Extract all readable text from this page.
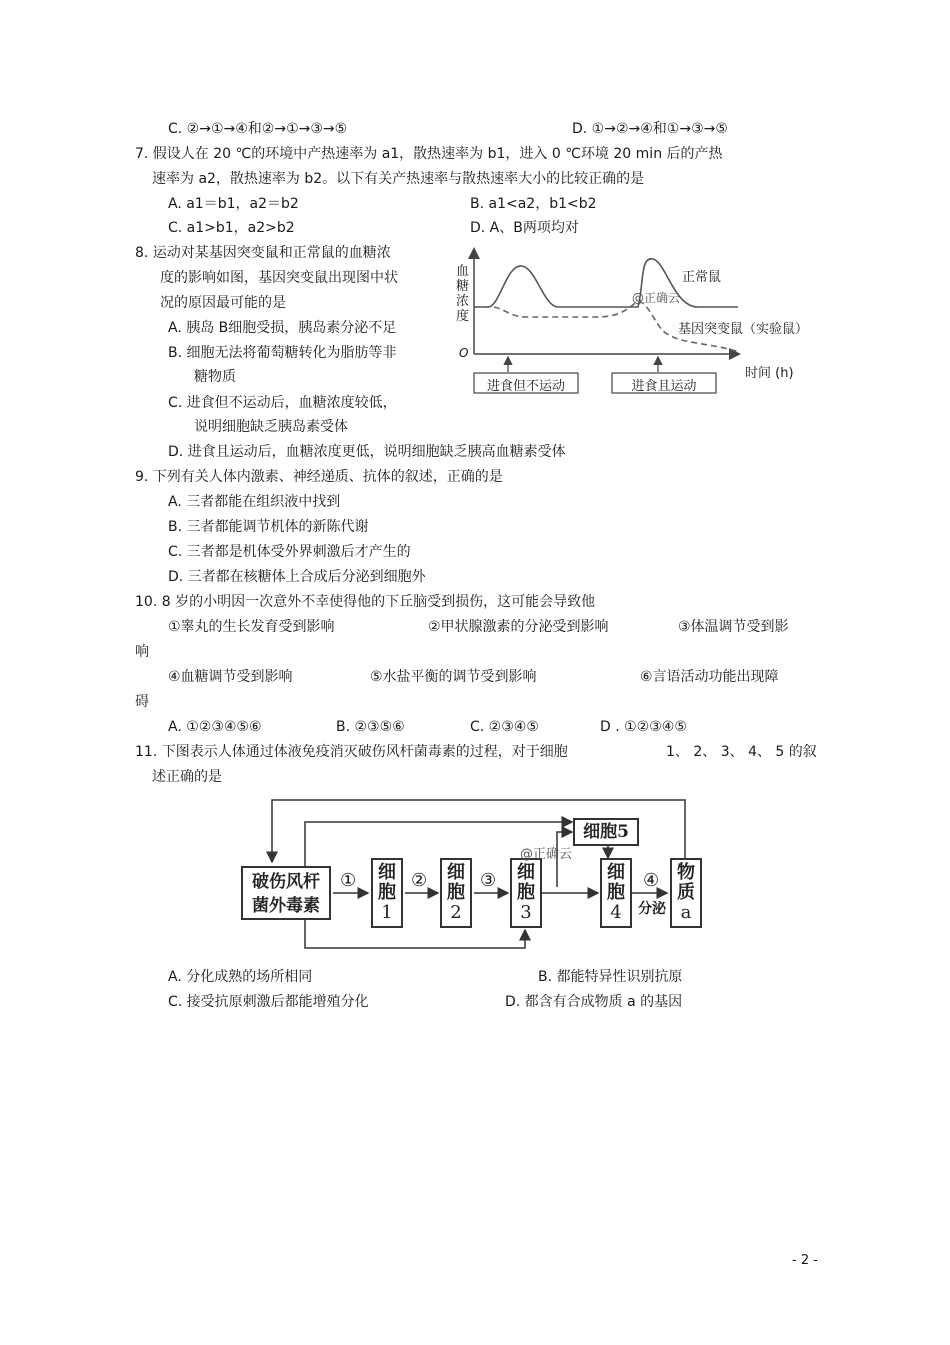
C. ②→①→④和②→①→③→⑤	D. ①→②→④和①→③→⑤
7. 假设人在 20 ℃的环境中产热速率为 a1，散热速率为 b1，进入 0 ℃环境 20 min 后的产热
速率为 a2，散热速率为 b2。以下有关产热速率与散热速率大小的比较正确的是
A. a1＝b1，a2＝b2	B. a1<a2，b1<b2
C. a1>b1，a2>b2	D. A、B两项均对
8. 运动对某基因突变鼠和正常鼠的血糖浓
度的影响如图，基因突变鼠出现图中状
况的原因最可能的是
A. 胰岛 B细胞受损，胰岛素分泌不足
B. 细胞无法将葡萄糖转化为脂肪等非
糖物质
C. 进食但不运动后，血糖浓度较低，
说明细胞缺乏胰岛素受体
D. 进食且运动后，血糖浓度更低，说明细胞缺乏胰高血糖素受体
血
糖
浓
度
O
时间 (h)
正常鼠
基因突变鼠（实验鼠）
@正确云
进食但不运动	进食且运动
9. 下列有关人体内激素、神经递质、抗体的叙述，正确的是
A. 三者都能在组织液中找到
B. 三者都能调节机体的新陈代谢
C. 三者都是机体受外界刺激后才产生的
D. 三者都在核糖体上合成后分泌到细胞外
10. 8 岁的小明因一次意外不幸使得他的下丘脑受到损伤，这可能会导致他
①睾丸的生长发育受到影响	②甲状腺激素的分泌受到影响	③体温调节受到影
响
④血糖调节受到影响	⑤水盐平衡的调节受到影响	⑥言语活动功能出现障
碍
A. ①②③④⑤⑥	B. ②③⑤⑥	C. ②③④⑤	D . ①②③④⑤
11. 下图表示人体通过体液免疫消灭破伤风杆菌毒素的过程，对于细胞	1、 2、 3、 4、 5 的叙
述正确的是
破伤风杆
菌外毒素
细
胞
1
细
胞
2
细
胞
3
细
胞
4
物
质
a
细胞5
①	②	③	④
分泌
@正确云
A. 分化成熟的场所相同	B. 都能特异性识别抗原
C. 接受抗原刺激后都能增殖分化	D. 都含有合成物质 a 的基因
- 2 -
